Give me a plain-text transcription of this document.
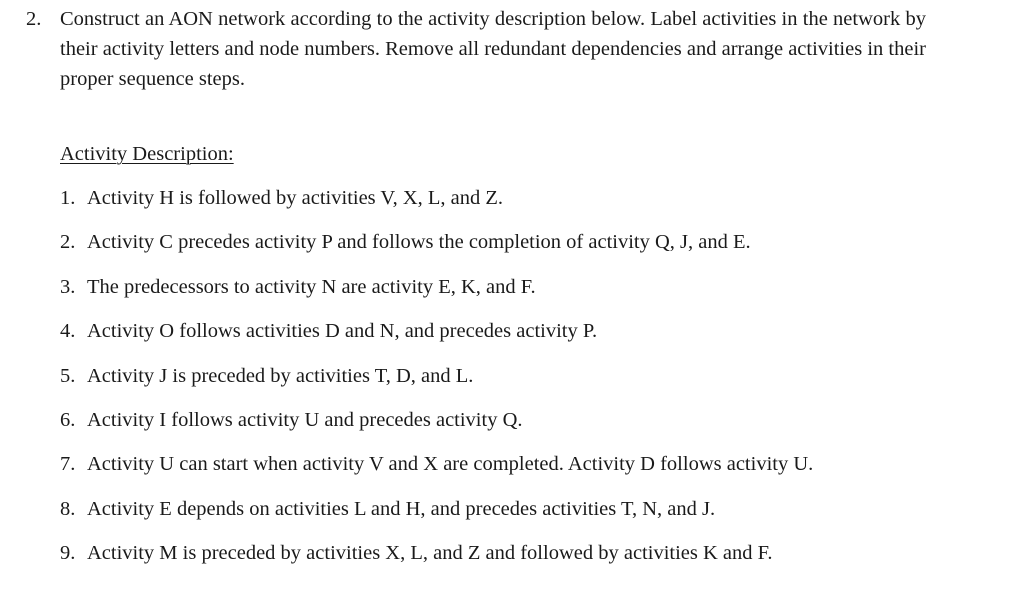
2. Construct an AON network according to the activity description below. Label activities in the network by their activity letters and node numbers. Remove all redundant dependencies and arrange activities in their proper sequence steps.
Activity Description:
1. Activity H is followed by activities V, X, L, and Z.
2. Activity C precedes activity P and follows the completion of activity Q, J, and E.
3. The predecessors to activity N are activity E, K, and F.
4. Activity O follows activities D and N, and precedes activity P.
5. Activity J is preceded by activities T, D, and L.
6. Activity I follows activity U and precedes activity Q.
7. Activity U can start when activity V and X are completed. Activity D follows activity U.
8. Activity E depends on activities L and H, and precedes activities T, N, and J.
9. Activity M is preceded by activities X, L, and Z and followed by activities K and F.
